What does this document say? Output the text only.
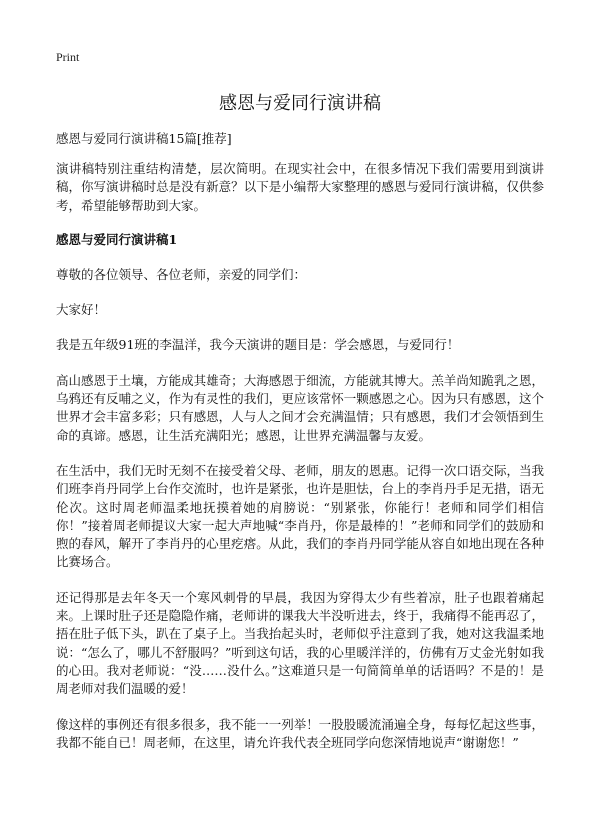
Print
感恩与爱同行演讲稿
感恩与爱同行演讲稿15篇[推荐]

演讲稿特别注重结构清楚，层次简明。在现实社会中，在很多情况下我们需要用到演讲稿，你写演讲稿时总是没有新意？以下是小编帮大家整理的感恩与爱同行演讲稿，仅供参考，希望能够帮助到大家。

感恩与爱同行演讲稿1

尊敬的各位领导、各位老师，亲爱的同学们：

大家好！

我是五年级91班的李温洋，我今天演讲的题目是：学会感恩，与爱同行！

高山感恩于土壤，方能成其雄奇；大海感恩于细流，方能就其博大。羔羊尚知跪乳之恩，乌鸦还有反哺之义，作为有灵性的我们，更应该常怀一颗感恩之心。因为只有感恩，这个世界才会丰富多彩；只有感恩，人与人之间才会充满温情；只有感恩，我们才会领悟到生命的真谛。感恩，让生活充满阳光；感恩，让世界充满温馨与友爱。

在生活中，我们无时无刻不在接受着父母、老师，朋友的恩惠。记得一次口语交际，当我们班李肖丹同学上台作交流时，也许是紧张，也许是胆怯，台上的李肖丹手足无措，语无伦次。这时周老师温柔地抚摸着她的肩膀说：“别紧张，你能行！老师和同学们相信你！”接着周老师提议大家一起大声地喊“李肖丹，你是最棒的！”老师和同学们的鼓励和煦的春风，解开了李肖丹的心里疙瘩。从此，我们的李肖丹同学能从容自如地出现在各种比赛场合。

还记得那是去年冬天一个寒风刺骨的早晨，我因为穿得太少有些着凉，肚子也跟着痛起来。上课时肚子还是隐隐作痛，老师讲的课我大半没听进去，终于，我痛得不能再忍了，捂在肚子低下头，趴在了桌子上。当我抬起头时，老师似乎注意到了我，她对这我温柔地说：“怎么了，哪儿不舒服吗？”听到这句话，我的心里暖洋洋的，仿佛有万丈金光射如我的心田。我对老师说：“没……没什么。”这难道只是一句简简单单的话语吗？不是的！是周老师对我们温暖的爱！

像这样的事例还有很多很多，我不能一一列举！一股股暖流涌遍全身，每每忆起这些事，我都不能自已！周老师，在这里，请允许我代表全班同学向您深情地说声“谢谢您！”
